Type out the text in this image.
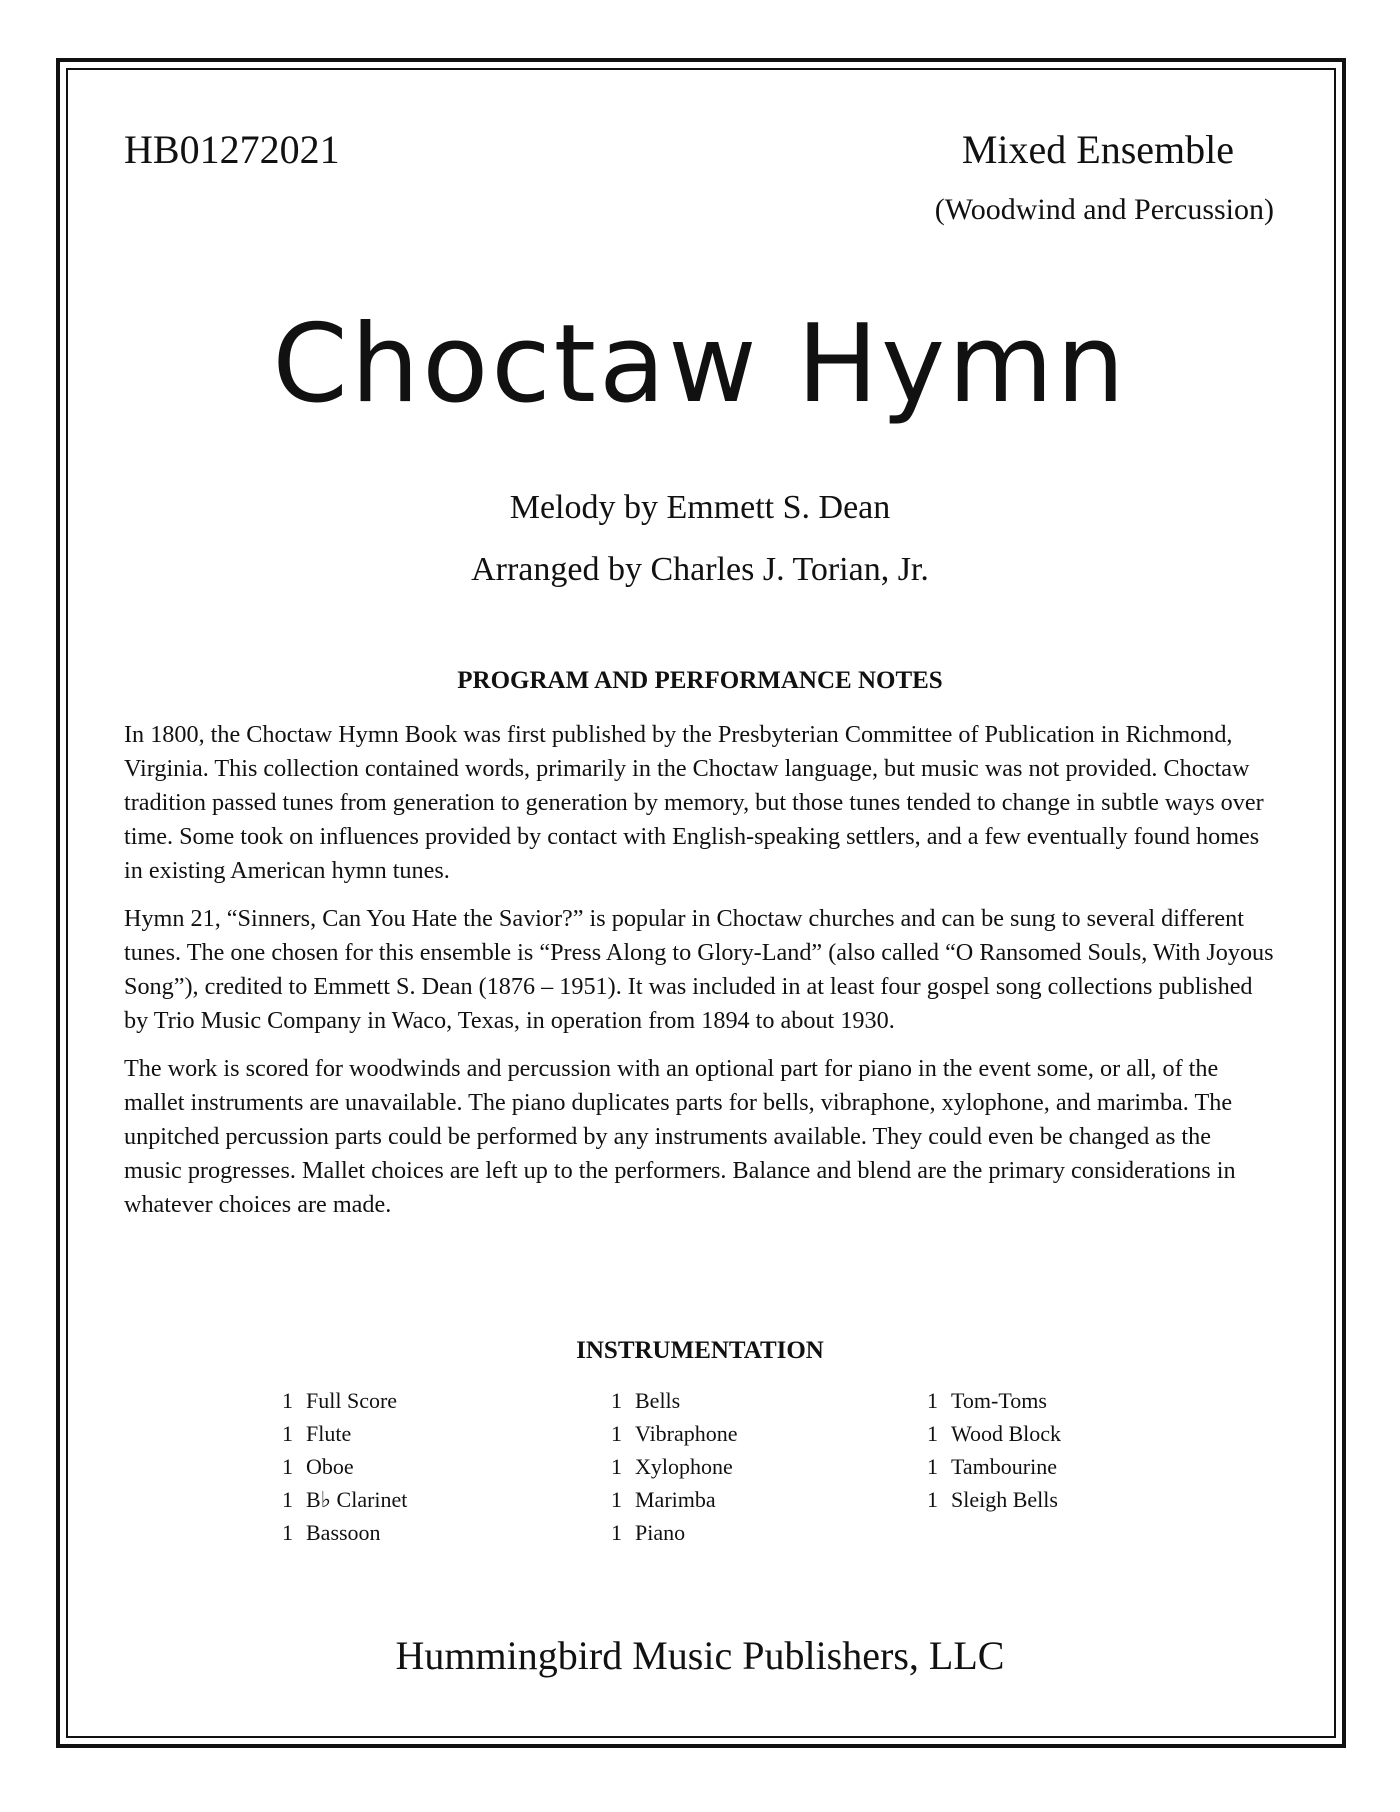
HB01272021	Mixed Ensemble
(Woodwind and Percussion)
Choctaw Hymn
Melody by Emmett S. Dean
Arranged by Charles J. Torian, Jr.
PROGRAM AND PERFORMANCE NOTES

In 1800, the Choctaw Hymn Book was first published by the Presbyterian Committee of Publication in Richmond, Virginia. This collection contained words, primarily in the Choctaw language, but music was not provided. Choctaw tradition passed tunes from generation to generation by memory, but those tunes tended to change in subtle ways over time. Some took on influences provided by contact with English-speaking settlers, and a few eventually found homes in existing American hymn tunes.

Hymn 21, “Sinners, Can You Hate the Savior?” is popular in Choctaw churches and can be sung to several different tunes. The one chosen for this ensemble is “Press Along to Glory-Land” (also called “O Ransomed Souls, With Joyous Song”), credited to Emmett S. Dean (1876 – 1951). It was included in at least four gospel song collections published by Trio Music Company in Waco, Texas, in operation from 1894 to about 1930.

The work is scored for woodwinds and percussion with an optional part for piano in the event some, or all, of the mallet instruments are unavailable. The piano duplicates parts for bells, vibraphone, xylophone, and marimba. The unpitched percussion parts could be performed by any instruments available. They could even be changed as the music progresses. Mallet choices are left up to the performers. Balance and blend are the primary considerations in whatever choices are made.

INSTRUMENTATION
1 Full Score
1 Flute
1 Oboe
1 B♭ Clarinet
1 Bassoon
1 Bells
1 Vibraphone
1 Xylophone
1 Marimba
1 Piano
1 Tom-Toms
1 Wood Block
1 Tambourine
1 Sleigh Bells
Hummingbird Music Publishers, LLC
